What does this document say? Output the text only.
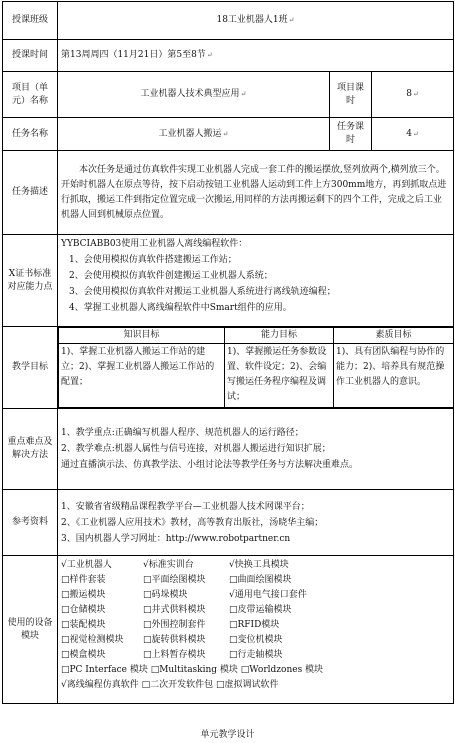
授课班级	18工业机器人1班↵
授课时间	第13周周四（11月21日）第5至8节↵
项目（单元）名称	工业机器人技术典型应用↵	项目课时	8↵
任务名称	工业机器人搬运↵	任务课时	4↵
任务描述	
本次任务是通过仿真软件实现工业机器人完成一套工件的搬运摆放,竖列放两个,横列放三个。开始时机器人在原点等待，按下启动按钮工业机器人运动到工件上方300mm地方，再到抓取点进行抓取，搬运工件到指定位置完成一次搬运,用同样的方法再搬运剩下的四个工件，完成之后工业机器人回到机械原点位置。

X证书标准对应能力点	
YYBCIABB03使用工业机器人离线编程软件：
1、会使用模拟仿真软件搭建搬运工作站；
2、会使用模拟仿真软件创建搬运工业机器人系统；
3、会使用模拟仿真软件对搬运工业机器人系统进行离线轨迹编程；
4、掌握工业机器人离线编程软件中Smart组件的应用。

教学目标	
知识目标	能力目标	素质目标
1)、掌握工业机器人搬运工作站的建立；2)、掌握工业机器人搬运工作站的配置；	1)、掌握搬运任务参数设置、软件设定；2)、会编写搬运任务程序编程及调试；	1)、具有团队编程与协作的能力；2)、培养具有规范操作工业机器人的意识。

重点难点及解决方法	
1、教学重点:正确编写机器人程序、规范机器人的运行路径；
2、教学难点:机器人属性与信号连接，对机器人搬运进行知识扩展；
通过直播演示法、仿真教学法、小组讨论法等教学任务与方法解决重难点。

参考资料	
1、安徽省省级精品课程教学平台—工业机器人技术网课平台；
2、《工业机器人应用技术》教材，高等教育出版社，汤晓华主编；
3、国内机器人学习网址：http://www.robotpartner.cn

使用的设备模块	
√工业机器人	√标准实训台	√快换工具模块
□样件套装	□平面绘图模块	□曲面绘图模块
□搬运模块	□码垛模块	√通用电气接口套件
□仓储模块	□井式供料模块	□皮带运输模块
□装配模块	□外围控制套件	□RFID模块
□视觉检测模块	□旋转供料模块	□变位机模块
□模盒模块	□上料暂存模块	□行走轴模块
□PC Interface 模块 □Multitasking 模块 □Worldzones 模块
√离线编程仿真软件 □二次开发软件包 □虚拟调试软件
单元教学设计
